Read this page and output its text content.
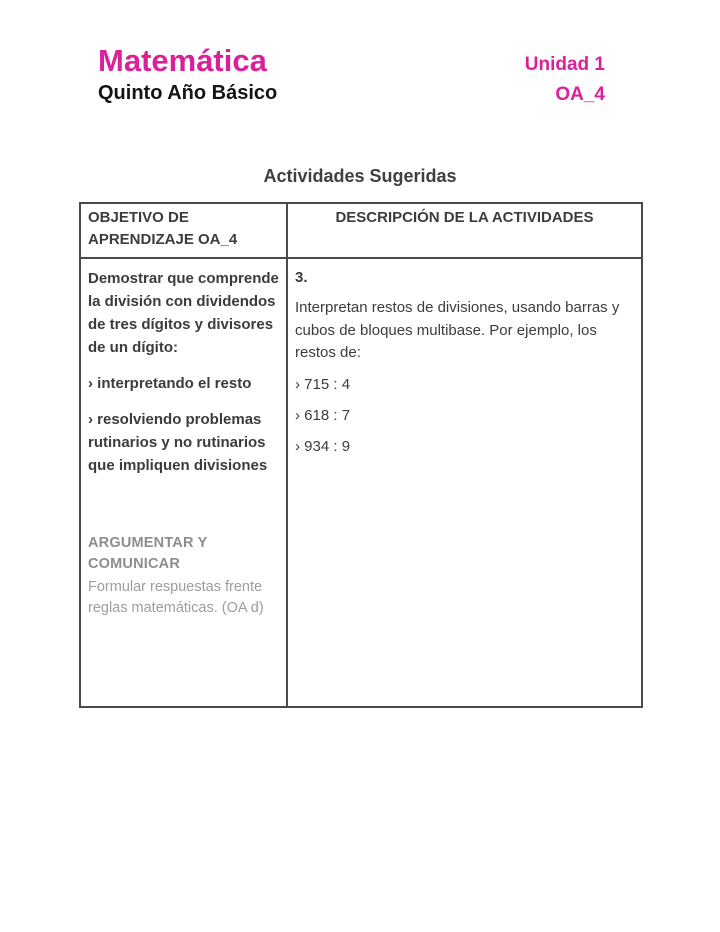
Matemática
Quinto Año Básico
Unidad 1
OA_4
Actividades Sugeridas
OBJETIVO DE APRENDIZAJE OA_4
DESCRIPCIÓN DE LA ACTIVIDADES
Demostrar que comprende la división con dividendos de tres dígitos y divisores de un dígito:
› interpretando el resto
› resolviendo problemas rutinarios y no rutinarios que impliquen divisiones
ARGUMENTAR Y COMUNICAR
Formular respuestas frente reglas matemáticas. (OA d)
3.
Interpretan restos de divisiones, usando barras y cubos de bloques multibase. Por ejemplo, los restos de:
› 715 : 4
› 618 : 7
› 934 : 9
